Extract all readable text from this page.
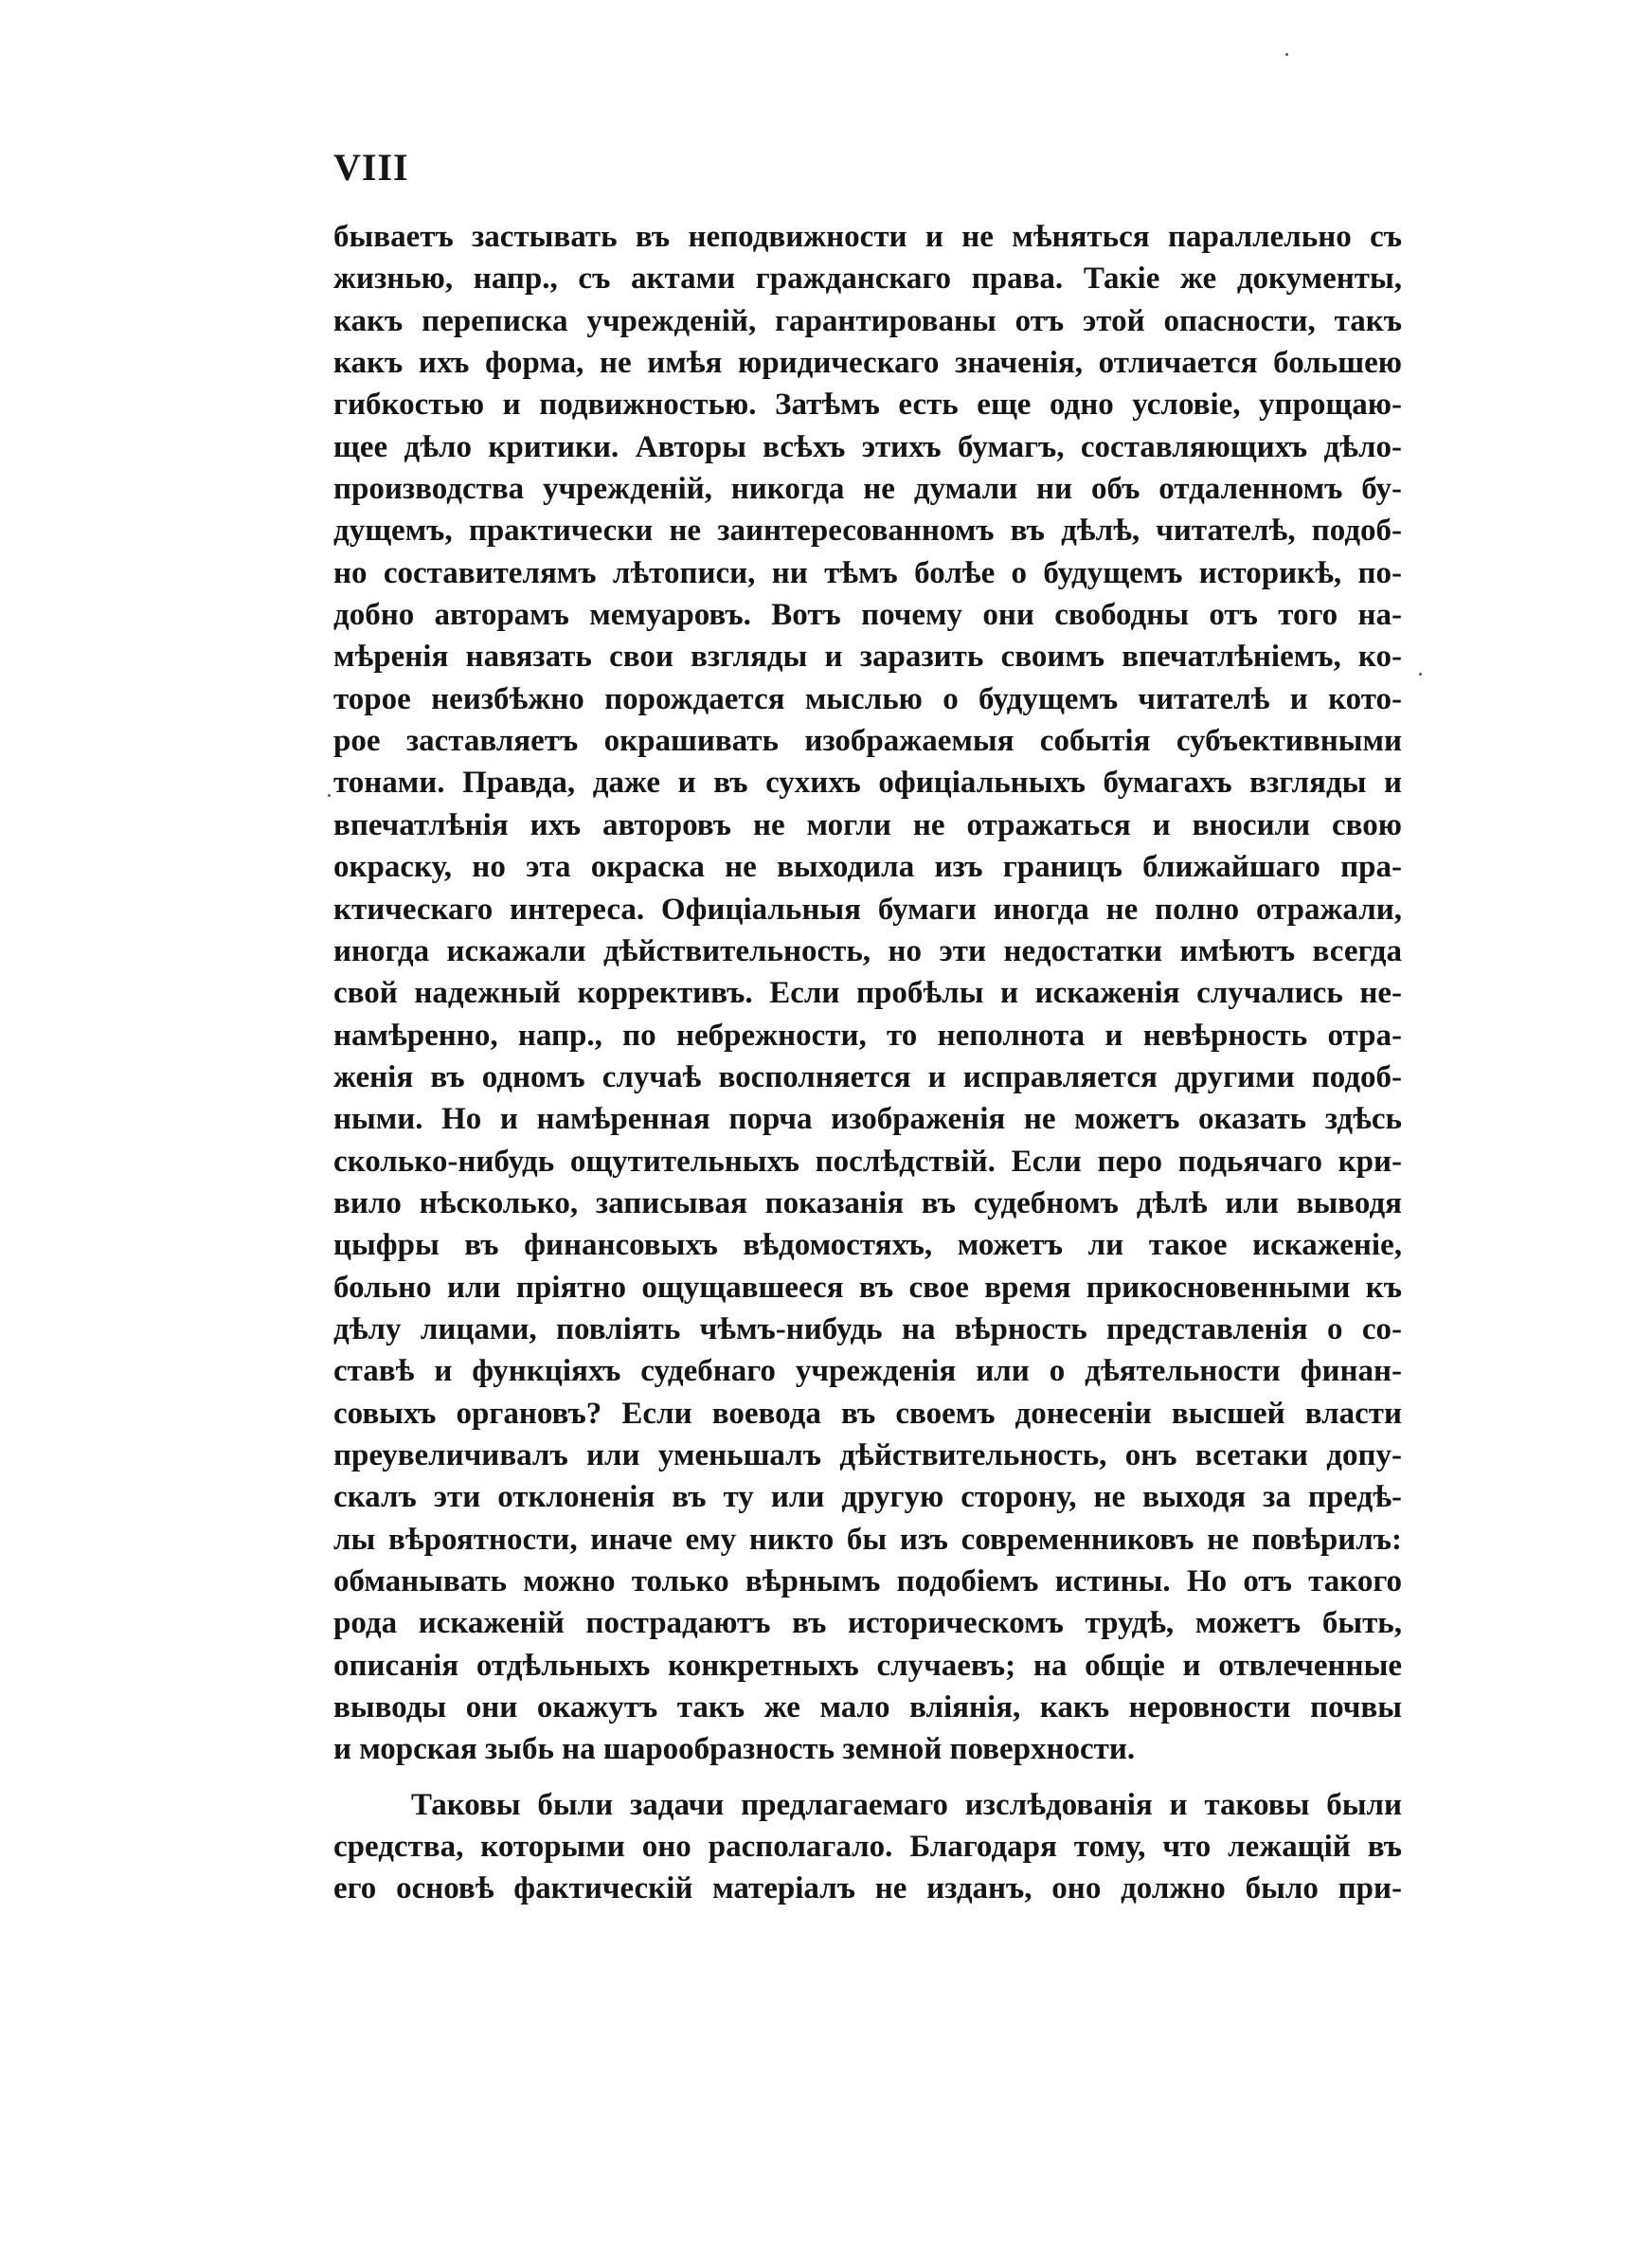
VIII
бываетъ застывать въ неподвижности и не мѣняться параллельно съ
жизнью, напр., съ актами гражданскаго права. Такіе же документы,
какъ переписка учрежденій, гарантированы отъ этой опасности, такъ
какъ ихъ форма, не имѣя юридическаго значенія, отличается большею
гибкостью и подвижностью. Затѣмъ есть еще одно условіе, упрощаю-
щее дѣло критики. Авторы всѣхъ этихъ бумагъ, составляющихъ дѣло-
производства учрежденій, никогда не думали ни объ отдаленномъ бу-
дущемъ, практически не заинтересованномъ въ дѣлѣ, читателѣ, подоб-
но составителямъ лѣтописи, ни тѣмъ болѣе о будущемъ историкѣ, по-
добно авторамъ мемуаровъ. Вотъ почему они свободны отъ того на-
мѣренія навязать свои взгляды и заразить своимъ впечатлѣніемъ, ко-
торое неизбѣжно порождается мыслью о будущемъ читателѣ и кото-
рое заставляетъ окрашивать изображаемыя событія субъективными
тонами. Правда, даже и въ сухихъ офиціальныхъ бумагахъ взгляды и
впечатлѣнія ихъ авторовъ не могли не отражаться и вносили свою
окраску, но эта окраска не выходила изъ границъ ближайшаго пра-
ктическаго интереса. Офиціальныя бумаги иногда не полно отражали,
иногда искажали дѣйствительность, но эти недостатки имѣютъ всегда
свой надежный коррективъ. Если пробѣлы и искаженія случались не-
намѣренно, напр., по небрежности, то неполнота и невѣрность отра-
женія въ одномъ случаѣ восполняется и исправляется другими подоб-
ными. Но и намѣренная порча изображенія не можетъ оказать здѣсь
сколько-нибудь ощутительныхъ послѣдствій. Если перо подьячаго кри-
вило нѣсколько, записывая показанія въ судебномъ дѣлѣ или выводя
цыфры въ финансовыхъ вѣдомостяхъ, можетъ ли такое искаженіе,
больно или пріятно ощущавшееся въ свое время прикосновенными къ
дѣлу лицами, повліять чѣмъ-нибудь на вѣрность представленія о со-
ставѣ и функціяхъ судебнаго учрежденія или о дѣятельности финан-
совыхъ органовъ? Если воевода въ своемъ донесеніи высшей власти
преувеличивалъ или уменьшалъ дѣйствительность, онъ всетаки допу-
скалъ эти отклоненія въ ту или другую сторону, не выходя за предѣ-
лы вѣроятности, иначе ему никто бы изъ современниковъ не повѣрилъ:
обманывать можно только вѣрнымъ подобіемъ истины. Но отъ такого
рода искаженій пострадаютъ въ историческомъ трудѣ, можетъ быть,
описанія отдѣльныхъ конкретныхъ случаевъ; на общіе и отвлеченные
выводы они окажутъ такъ же мало вліянія, какъ неровности почвы
и морская зыбь на шарообразность земной поверхности.
Таковы были задачи предлагаемаго изслѣдованія и таковы были
средства, которыми оно располагало. Благодаря тому, что лежащій въ
его основѣ фактическій матеріалъ не изданъ, оно должно было при-
